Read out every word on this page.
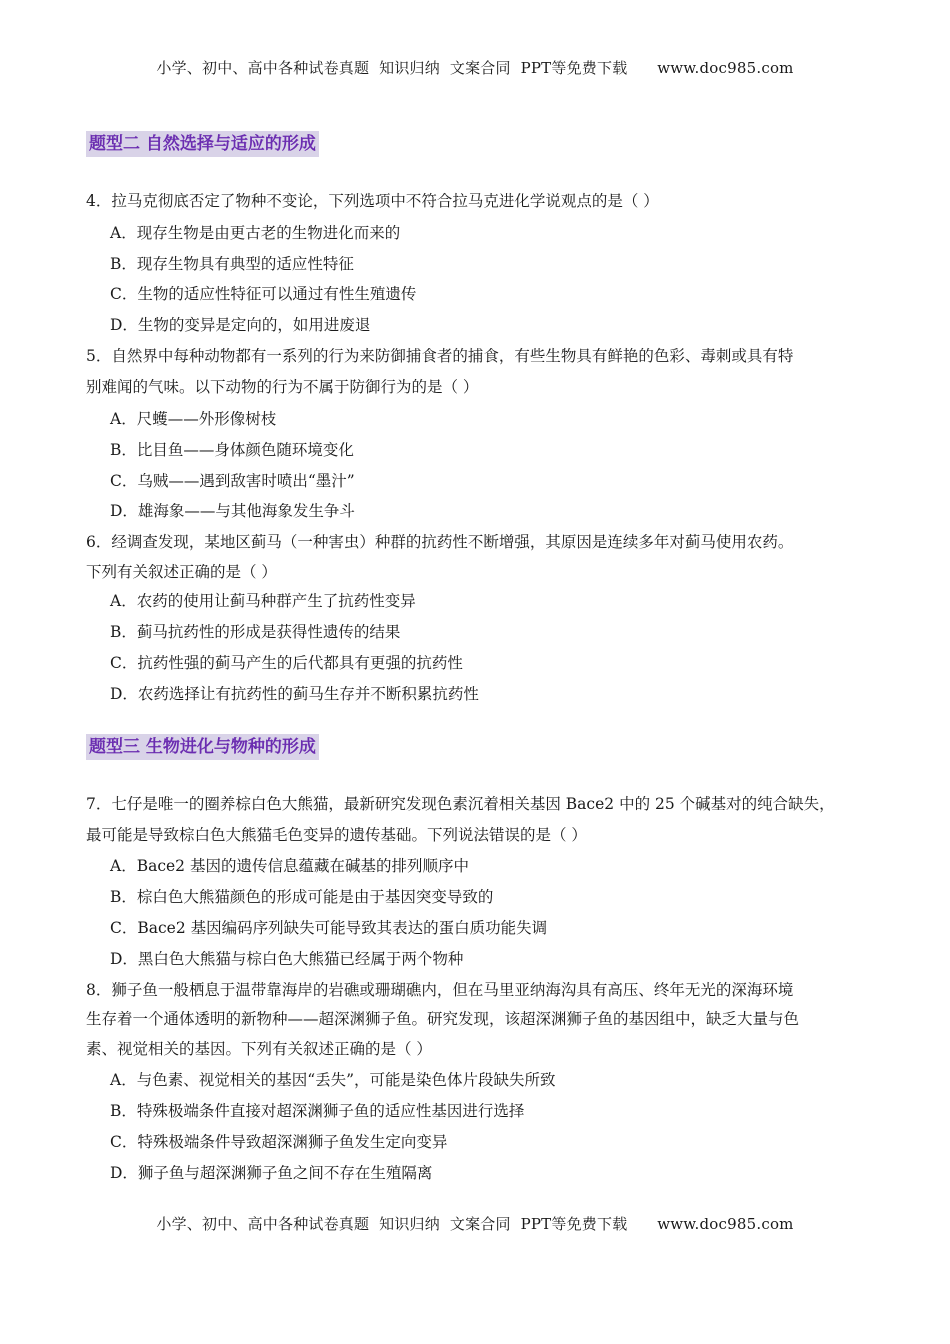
小学、初中、高中各种试卷真题  知识归纳  文案合同  PPT等免费下载      www.doc985.com
题型二 自然选择与适应的形成
4．拉马克彻底否定了物种不变论，下列选项中不符合拉马克进化学说观点的是（ ）
A．现存生物是由更古老的生物进化而来的
B．现存生物具有典型的适应性特征
C．生物的适应性特征可以通过有性生殖遗传
D．生物的变异是定向的，如用进废退
5．自然界中每种动物都有一系列的行为来防御捕食者的捕食，有些生物具有鲜艳的色彩、毒刺或具有特
别难闻的气味。以下动物的行为不属于防御行为的是（ ）
A．尺蠖——外形像树枝
B．比目鱼——身体颜色随环境变化
C．乌贼——遇到敌害时喷出“墨汁”
D．雄海象——与其他海象发生争斗
6．经调查发现，某地区蓟马（一种害虫）种群的抗药性不断增强，其原因是连续多年对蓟马使用农药。
下列有关叙述正确的是（ ）
A．农药的使用让蓟马种群产生了抗药性变异
B．蓟马抗药性的形成是获得性遗传的结果
C．抗药性强的蓟马产生的后代都具有更强的抗药性
D．农药选择让有抗药性的蓟马生存并不断积累抗药性
题型三 生物进化与物种的形成
7．七仔是唯一的圈养棕白色大熊猫，最新研究发现色素沉着相关基因 Bace2 中的 25 个碱基对的纯合缺失，
最可能是导致棕白色大熊猫毛色变异的遗传基础。下列说法错误的是（ ）
A．Bace2 基因的遗传信息蕴藏在碱基的排列顺序中
B．棕白色大熊猫颜色的形成可能是由于基因突变导致的
C．Bace2 基因编码序列缺失可能导致其表达的蛋白质功能失调
D．黑白色大熊猫与棕白色大熊猫已经属于两个物种
8．狮子鱼一般栖息于温带靠海岸的岩礁或珊瑚礁内，但在马里亚纳海沟具有高压、终年无光的深海环境
生存着一个通体透明的新物种——超深渊狮子鱼。研究发现，该超深渊狮子鱼的基因组中，缺乏大量与色
素、视觉相关的基因。下列有关叙述正确的是（ ）
A．与色素、视觉相关的基因“丢失”，可能是染色体片段缺失所致
B．特殊极端条件直接对超深渊狮子鱼的适应性基因进行选择
C．特殊极端条件导致超深渊狮子鱼发生定向变异
D．狮子鱼与超深渊狮子鱼之间不存在生殖隔离
小学、初中、高中各种试卷真题  知识归纳  文案合同  PPT等免费下载      www.doc985.com
